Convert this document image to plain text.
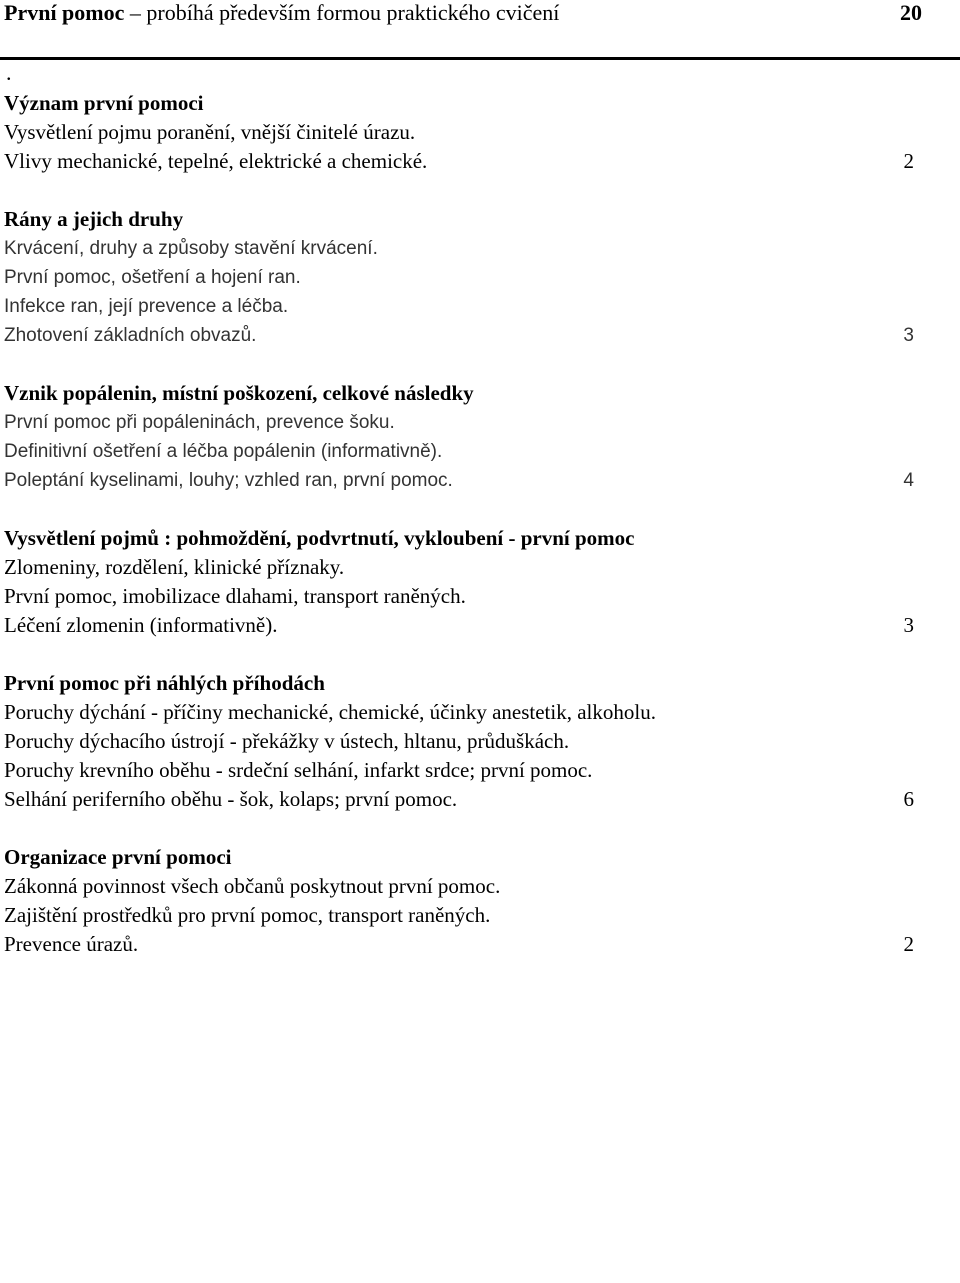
První pomoc – probíhá především formou praktického cvičení	20
.
Význam první pomoci
Vysvětlení pojmu poranění, vnější činitelé úrazu.
Vlivy mechanické, tepelné, elektrické a chemické.	2
Rány a jejich druhy
Krvácení, druhy a způsoby stavění krvácení.
První pomoc, ošetření a hojení ran.
Infekce ran, její prevence a léčba.
Zhotovení základních obvazů.	3
Vznik popálenin, místní poškození, celkové následky
První pomoc při popáleninách, prevence šoku.
Definitivní ošetření a léčba popálenin (informativně).
Poleptání kyselinami, louhy; vzhled ran, první pomoc.	4
Vysvětlení pojmů : pohmoždění, podvrtnutí, vykloubení - první pomoc
Zlomeniny, rozdělení, klinické příznaky.
První pomoc, imobilizace dlahami, transport raněných.
Léčení zlomenin (informativně).	3
První pomoc při náhlých příhodách
Poruchy dýchání - příčiny mechanické, chemické, účinky anestetik, alkoholu.
Poruchy dýchacího ústrojí - překážky v ústech, hltanu, průduškách.
Poruchy krevního oběhu - srdeční selhání, infarkt srdce; první pomoc.
Selhání periferního oběhu - šok, kolaps; první pomoc.	6
Organizace první pomoci
Zákonná povinnost všech občanů poskytnout první pomoc.
Zajištění prostředků pro první pomoc, transport raněných.
Prevence úrazů.	2
